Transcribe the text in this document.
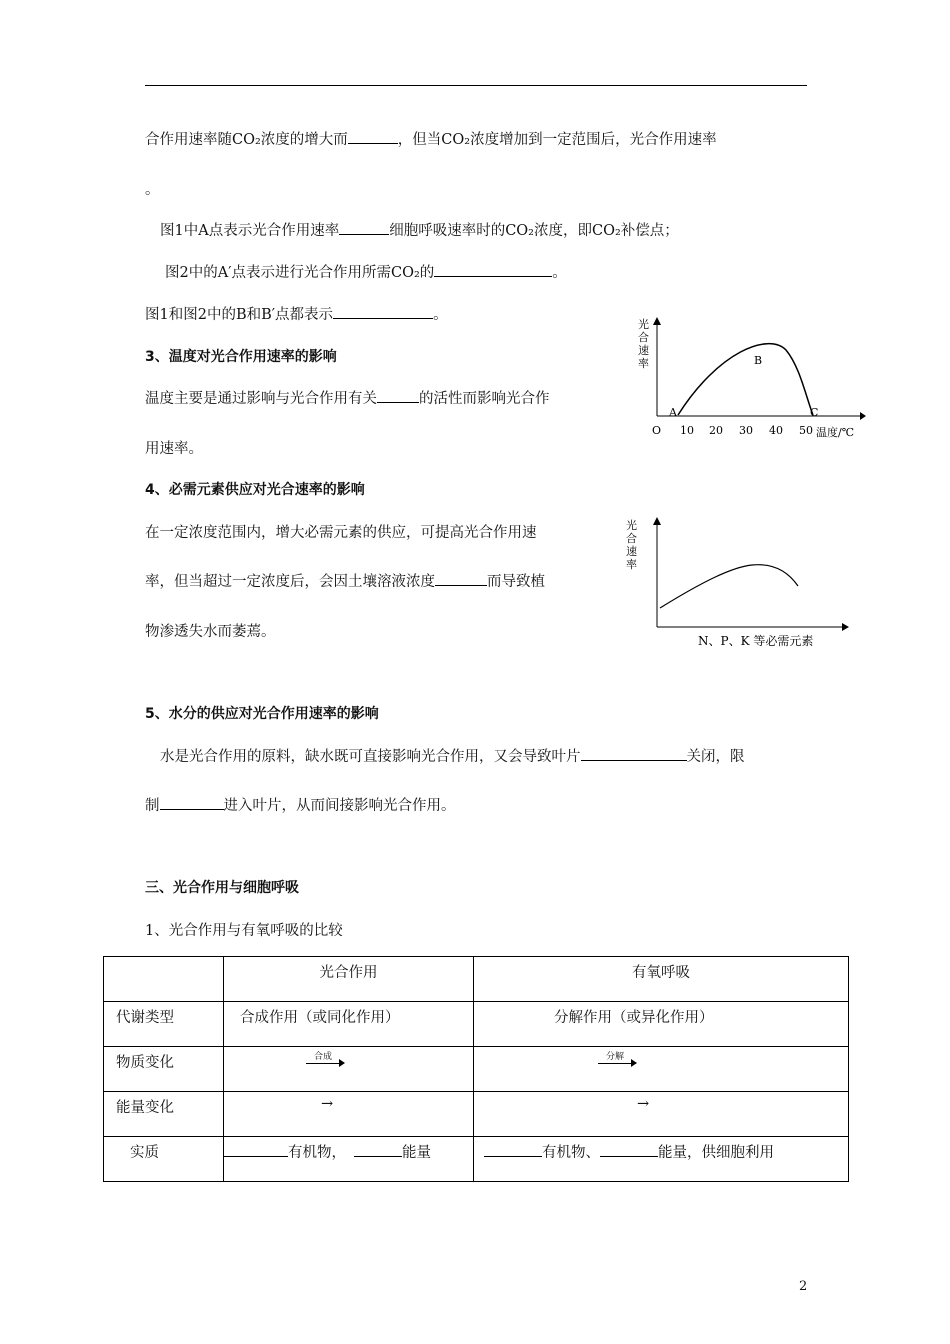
合作用速率随CO₂浓度的增大而	，但当CO₂浓度增加到一定范围后，光合作用速率
。
图1中A点表示光合作用速率	细胞呼吸速率时的CO₂浓度，即CO₂补偿点；
图2中的A′点表示进行光合作用所需CO₂的	。
图1和图2中的B和B′点都表示	。
3、温度对光合作用速率的影响
温度主要是通过影响与光合作用有关	的活性而影响光合作
用速率。
光
合
速
率
A
B
C
O 10 20 30 40 50 温度/℃
4、必需元素供应对光合速率的影响
在一定浓度范围内，增大必需元素的供应，可提高光合作用速
率，但当超过一定浓度后，会因土壤溶液浓度	而导致植
物渗透失水而萎蔫。
光
合
速
率
N、P、K 等必需元素
5、水分的供应对光合作用速率的影响
水是光合作用的原料，缺水既可直接影响光合作用，又会导致叶片	关闭，限
制	进入叶片，从而间接影响光合作用。
三、光合作用与细胞呼吸
1、光合作用与有氧呼吸的比较

	光合作用	有氧呼吸

代谢类型	合成作用（或同化作用）	分解作用（或异化作用）

物质变化	合成	分解

能量变化	→	→

实质	有机物， 能量	有机物、 能量，供细胞利用
2
